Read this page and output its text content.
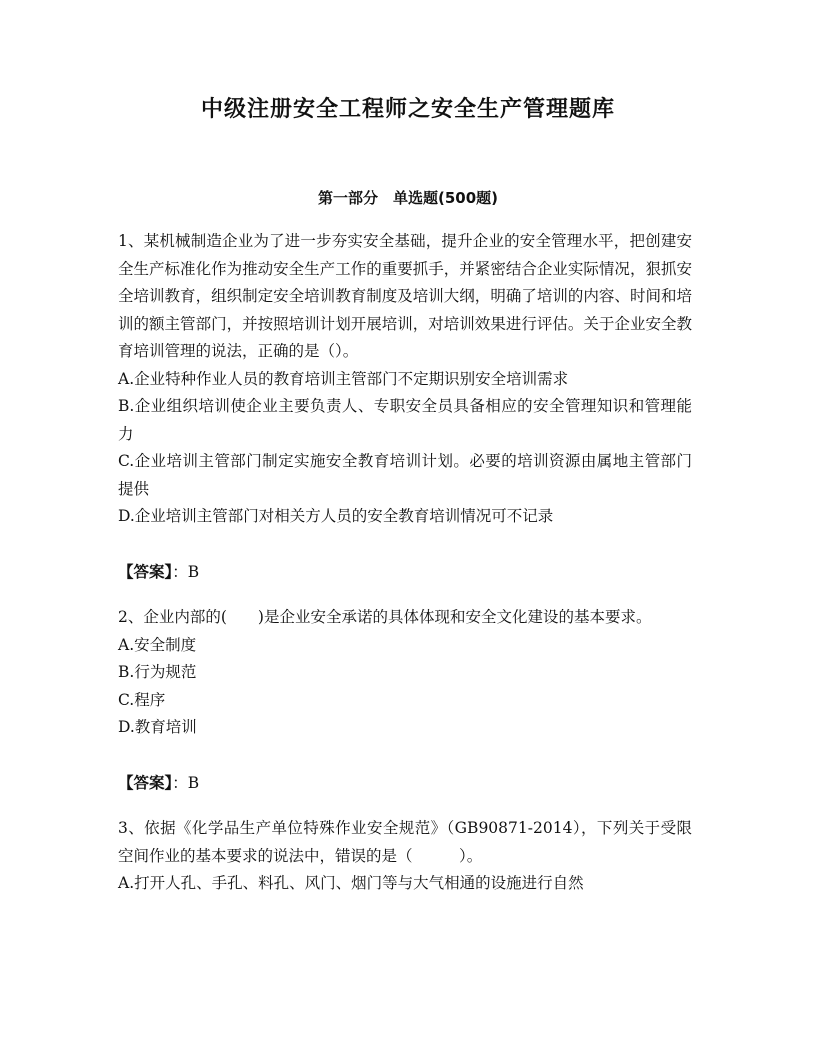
中级注册安全工程师之安全生产管理题库
第一部分　单选题(500题)

1、某机械制造企业为了进一步夯实安全基础，提升企业的安全管理水平，把创建安全生产标准化作为推动安全生产工作的重要抓手，并紧密结合企业实际情况，狠抓安全培训教育，组织制定安全培训教育制度及培训大纲，明确了培训的内容、时间和培训的额主管部门，并按照培训计划开展培训，对培训效果进行评估。关于企业安全教育培训管理的说法，正确的是（）。

A.企业特种作业人员的教育培训主管部门不定期识别安全培训需求

B.企业组织培训使企业主要负责人、专职安全员具备相应的安全管理知识和管理能力

C.企业培训主管部门制定实施安全教育培训计划。必要的培训资源由属地主管部门提供

D.企业培训主管部门对相关方人员的安全教育培训情况可不记录

【答案】：B

2、企业内部的(　　)是企业安全承诺的具体体现和安全文化建设的基本要求。

A.安全制度

B.行为规范

C.程序

D.教育培训

【答案】：B

3、依据《化学品生产单位特殊作业安全规范》（GB90871-2014），下列关于受限空间作业的基本要求的说法中，错误的是（　　　）。

A.打开人孔、手孔、料孔、风门、烟门等与大气相通的设施进行自然
